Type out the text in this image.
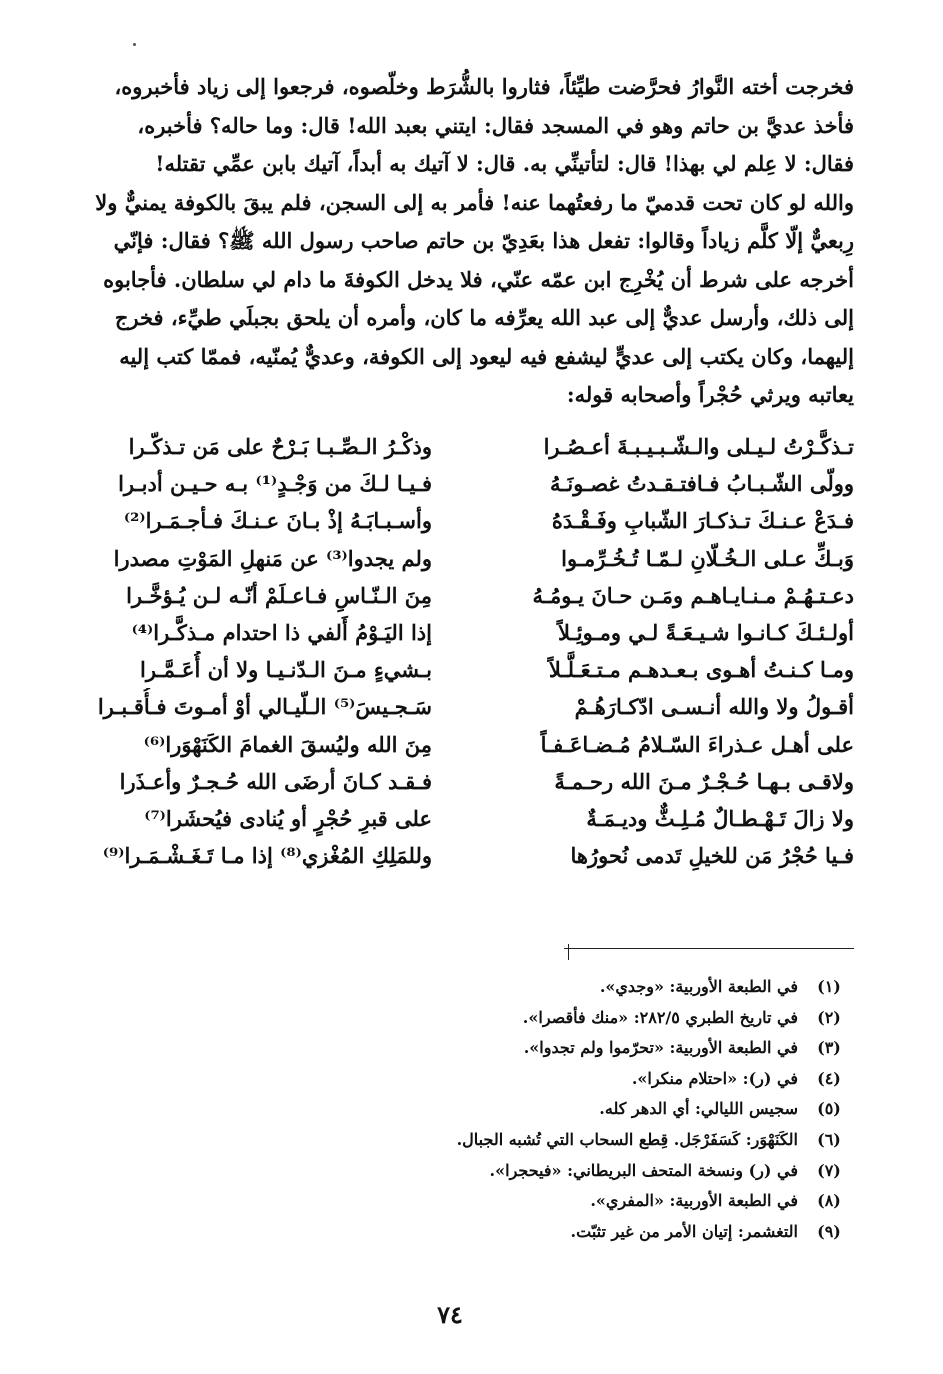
فخرجت أخته النَّوارُ فحرَّضت طيِّئاً، فثاروا بالشُّرَط وخلّصوه، فرجعوا إلى زياد فأخبروه،
فأخذ عديَّ بن حاتم وهو في المسجد فقال: ايتني بعبد الله! قال: وما حاله؟ فأخبره،
فقال: لا عِلم لي بهذا! قال: لتأتينِّي به. قال: لا آتيك به أبداً، آتيك بابن عمِّي تقتله!
والله لو كان تحت قدميّ ما رفعتُهما عنه! فأمر به إلى السجن، فلم يبقَ بالكوفة يمنيٌّ ولا
رِبعيٌّ إلّا كلَّم زياداً وقالوا: تفعل هذا بعَدِيّ بن حاتم صاحب رسول الله ﷺ؟ فقال: فإنّي
أخرجه على شرط أن يُخْرِج ابن عمّه عنّي، فلا يدخل الكوفةَ ما دام لي سلطان. فأجابوه
إلى ذلك، وأرسل عديٌّ إلى عبد الله يعرِّفه ما كان، وأمره أن يلحق بجبلَي طيِّء، فخرج
إليهما، وكان يكتب إلى عديٍّ ليشفع فيه ليعود إلى الكوفة، وعديٌّ يُمنّيه، فممّا كتب إليه
يعاتبه ويرثي حُجْراً وأصحابه قوله:
تـذكَّـرْتُ لـيـلى والـشّـبـيـبـةَ أعـصُـرا
وولّى الشّـبـابُ فـافتـقـدتُ غصـونَـهُ
فـدَعْ عـنـكَ تـذكـارَ الشّبابِ وفَـقْـدَهُ
وَبـكِّ عـلى الـخُـلّانِ لـمّـا تُـخُـرِّمـوا
دعـتـهُـمْ مـنـايـاهـم ومَـن حـانَ يـومُـهُ
أولـئـكَ كـانـوا شـيـعَـةً لـي ومـوئِـلاً
ومـا كـنـتُ أهـوى بـعـدهـم مـتـعَـلَّـلاً
أقـولُ ولا والله أنـسـى ادّكـارَهُـمْ
على أهـل عـذراءَ السّـلامُ مُـضـاعَـفـاً
ولاقـى بـهـا حُـجْـرٌ مـنَ الله رحـمـةً
ولا زالَ تَـهْـطـالٌ مُـلِـثٌّ وديـمَـةٌ
فـيا حُجْرُ مَن للخيلِ تَدمى نُحورُها
وذكْـرُ الـصِّـبـا بَـرْحٌ على مَن تـذكّـرا
فـيـا لـكَ من وَجْـدٍ⁽¹⁾ بـه حـيـن أدبـرا
وأسـبـابَـهُ إذْ بـانَ عـنـكَ فـأجـمَـرا⁽²⁾
ولم يجدوا⁽³⁾ عن مَنهلِ المَوْتِ مصدرا
مِنَ الـنّـاسِ فـاعـلَمْ أنّـه لـن يُـؤخَّـرا
إذا اليَـوْمُ أَلفي ذا احتدام مـذكَّـرا⁽⁴⁾
بـشيءٍ مـنَ الـدّنـيـا ولا أن أُعَـمَّـرا
سَـجـيسَ⁽⁵⁾ الـلّيـالي أوْ أمـوتَ فـأُقـبـرا
مِنَ الله وليُسقَ الغمامَ الكَنَهْوَرا⁽⁶⁾
فـقـد كـانَ أرضَى الله حُـجـرٌ وأعـذَرا
على قبرِ حُجْرٍ أو يُنادى فيُحشَرا⁽⁷⁾
وللمَلِكِ المُغْزي⁽⁸⁾ إذا مـا تَـغَـشْـمَـرا⁽⁹⁾
(١)
في الطبعة الأوربية: «وجدي».
(٢)
في تاريخ الطبري ٢٨٢/٥: «منك فأقصرا».
(٣)
في الطبعة الأوربية: «تحرّموا ولم تجدوا».
(٤)
في (ر): «احتلام منكرا».
(٥)
سجيس الليالي: أي الدهر كله.
(٦)
الكَنَهْوَر: كَسَفَرْجَل. قِطع السحاب التي تُشبه الجبال.
(٧)
في (ر) ونسخة المتحف البريطاني: «فيحجرا».
(٨)
في الطبعة الأوربية: «المفري».
(٩)
التغشمر: إتيان الأمر من غير تثبّت.
٧٤
